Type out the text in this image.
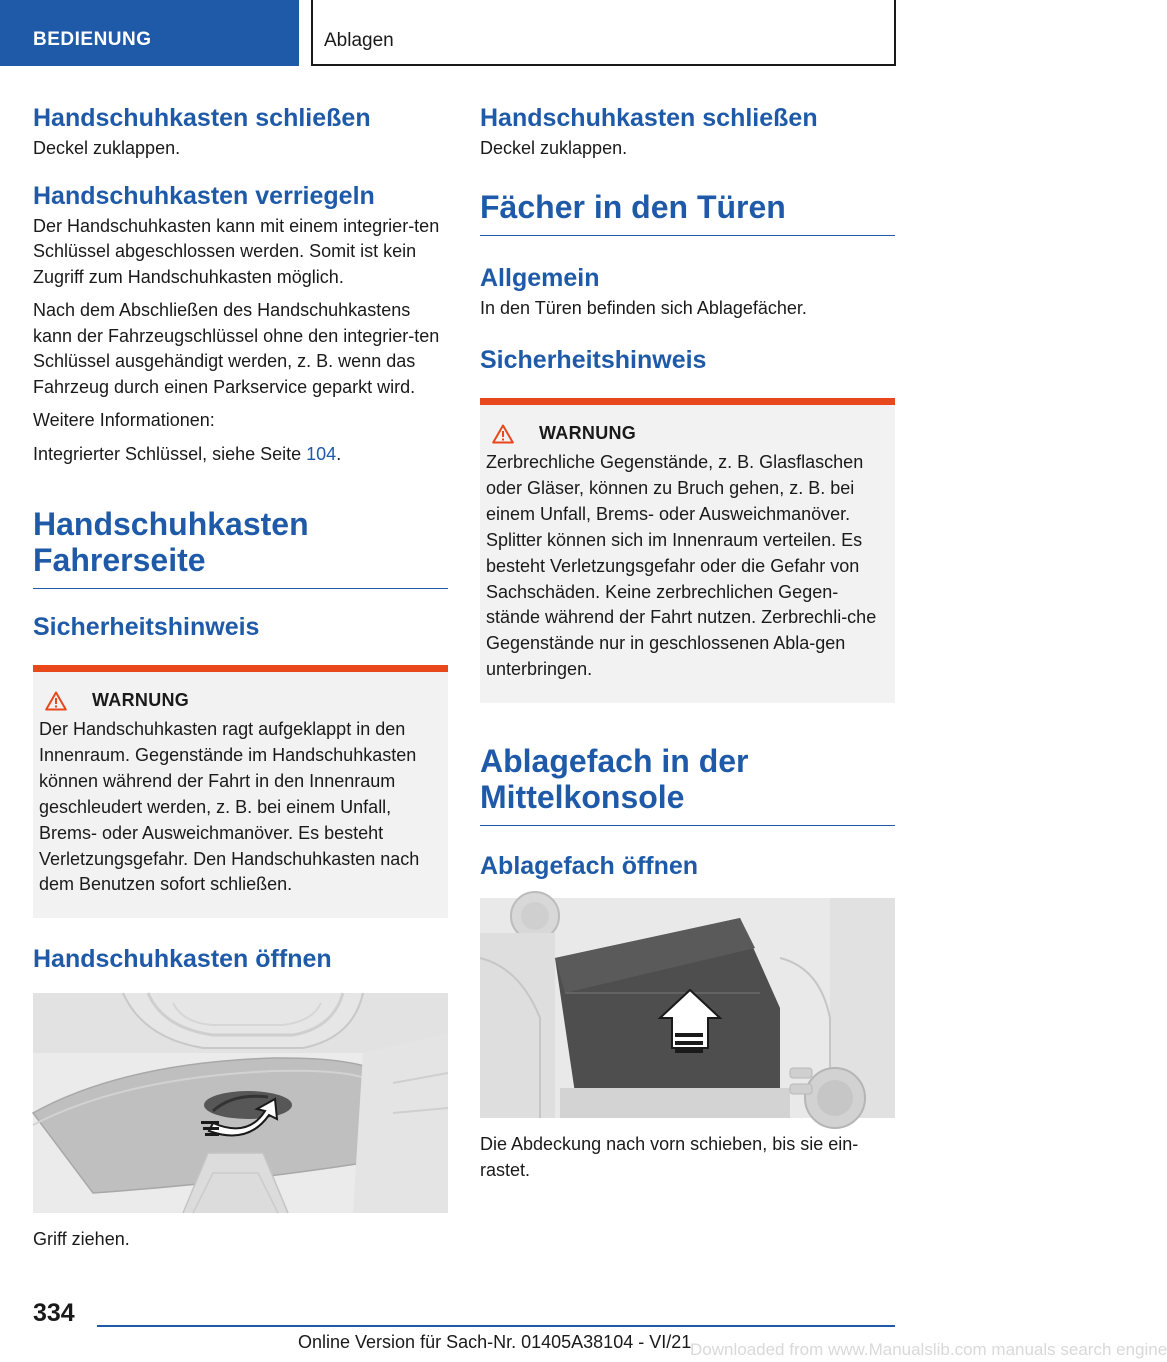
BEDIENUNG	Ablagen
Handschuhkasten schließen

Deckel zuklappen.

Handschuhkasten verriegeln

Der Handschuhkasten kann mit einem integrier-ten Schlüssel abgeschlossen werden. Somit ist kein Zugriff zum Handschuhkasten möglich.

Nach dem Abschließen des Handschuhkastens kann der Fahrzeugschlüssel ohne den integrier-ten Schlüssel ausgehändigt werden, z. B. wenn das Fahrzeug durch einen Parkservice geparkt wird.

Weitere Informationen:

Integrierter Schlüssel, siehe Seite 104.

Handschuhkasten
Fahrerseite
Sicherheitshinweis
WARNUNG

Der Handschuhkasten ragt aufgeklappt in den Innenraum. Gegenstände im Handschuhkasten können während der Fahrt in den Innenraum geschleudert werden, z. B. bei einem Unfall, Brems- oder Ausweichmanöver. Es besteht Verletzungsgefahr. Den Handschuhkasten nach dem Benutzen sofort schließen.

Handschuhkasten öffnen

Griff ziehen.

Handschuhkasten schließen

Deckel zuklappen.

Fächer in den Türen
Allgemein

In den Türen befinden sich Ablagefächer.

Sicherheitshinweis
WARNUNG

Zerbrechliche Gegenstände, z. B. Glasflaschen oder Gläser, können zu Bruch gehen, z. B. bei einem Unfall, Brems- oder Ausweichmanöver. Splitter können sich im Innenraum verteilen. Es besteht Verletzungsgefahr oder die Gefahr von Sachschäden. Keine zerbrechlichen Gegen-stände während der Fahrt nutzen. Zerbrechli-che Gegenstände nur in geschlossenen Abla-gen unterbringen.

Ablagefach in der
Mittelkonsole
Ablagefach öffnen

Die Abdeckung nach vorn schieben, bis sie ein-rastet.

334
Online Version für Sach-Nr. 01405A38104 - VI/21
Downloaded from www.Manualslib.com manuals search engine
